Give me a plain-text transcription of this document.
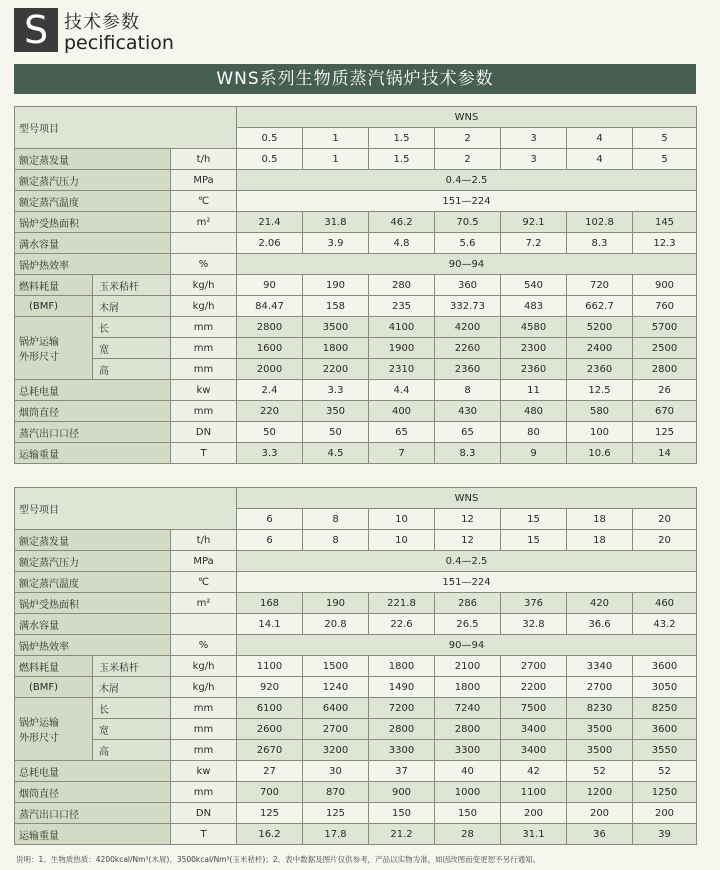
S 技术参数
pecification
WNS系列生物质蒸汽锅炉技术参数
型号项目			WNS						
			0.5	1	1.5	2	3	4	5
额定蒸发量		t/h	0.5	1	1.5	2	3	4	5
额定蒸汽压力		MPa	0.4—2.5						
额定蒸汽温度		℃	151—224						
锅炉受热面积		m²	21.4	31.8	46.2	70.5	92.1	102.8	145
满水容量			2.06	3.9	4.8	5.6	7.2	8.3	12.3
锅炉热效率		%	90—94						
燃料耗量	玉米秸杆	kg/h	90	190	280	360	540	720	900
(BMF)	木屑	kg/h	84.47	158	235	332.73	483	662.7	760

锅炉运输
外形尺寸	长	mm	2800	3500	4100	4200	4580	5200	5700
	宽	mm	1600	1800	1900	2260	2300	2400	2500
	高	mm	2000	2200	2310	2360	2360	2360	2800
总耗电量		kw	2.4	3.3	4.4	8	11	12.5	26
烟筒直径		mm	220	350	400	430	480	580	670
蒸汽出口口径		DN	50	50	65	65	80	100	125
运输重量		T	3.3	4.5	7	8.3	9	10.6	14
型号项目			WNS						
			6	8	10	12	15	18	20
额定蒸发量		t/h	6	8	10	12	15	18	20
额定蒸汽压力		MPa	0.4—2.5						
额定蒸汽温度		℃	151—224						
锅炉受热面积		m²	168	190	221.8	286	376	420	460
满水容量			14.1	20.8	22.6	26.5	32.8	36.6	43.2
锅炉热效率		%	90—94						
燃料耗量	玉米秸杆	kg/h	1100	1500	1800	2100	2700	3340	3600
(BMF)	木屑	kg/h	920	1240	1490	1800	2200	2700	3050

锅炉运输
外形尺寸	长	mm	6100	6400	7200	7240	7500	8230	8250
	宽	mm	2600	2700	2800	2800	3400	3500	3600
	高	mm	2670	3200	3300	3300	3400	3500	3550
总耗电量		kw	27	30	37	40	42	52	52
烟筒直径		mm	700	870	900	1000	1100	1200	1250
蒸汽出口口径		DN	125	125	150	150	200	200	200
运输重量		T	16.2	17.8	21.2	28	31.1	36	39
说明：1、生物质热质：4200kcal/Nm³(木屑)、3500kcal/Nm³(玉米秸杆)；2、表中数据及图片仅供参考，产品以实物为准，如因改图而变更恕不另行通知。
